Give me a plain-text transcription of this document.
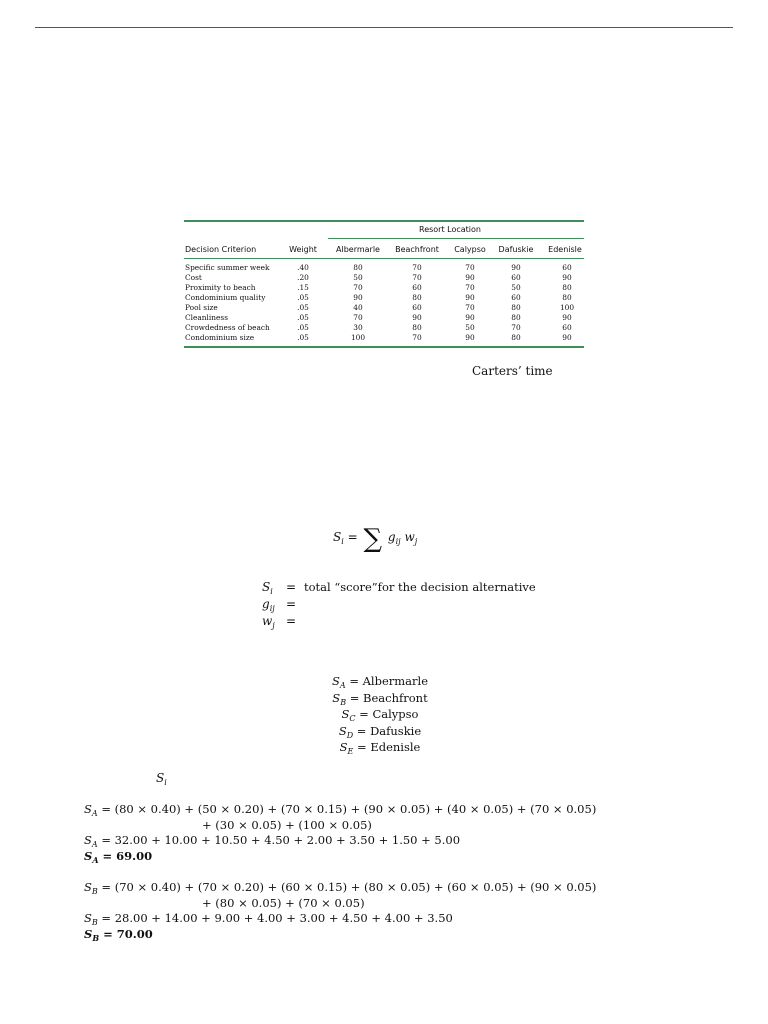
Resort Location
Decision Criterion	Weight Albermarle Beachfront Calypso Dafuskie Edenisle
Specific summer week	.40	80	70	70	90	60
Cost	.20	50	70	90	60	90
Proximity to beach	.15	70	60	70	50	80
Condominium quality	.05	90	80	90	60	80
Pool size	.05	40	60	70	80	100
Cleanliness	.05	70	90	90	80	90
Crowdedness of beach	.05	30	80	50	70	60
Condominium size	.05	100	70	90	80	90
Carters’ time
$S_i$ = ∑ $g_{ij}$ $w_j$
$S_i$ = total “score”for the decision alternative
$g_{ij}$ =
$w_j$ =
$S_A$ = Albermarle
$S_B$ = Beachfront
$S_C$ = Calypso
$S_D$ = Dafuskie
$S_E$ = Edenisle
$S_i$
$S_A = (80 \times 0.40) + (50 \times 0.20) + (70 \times 0.15) + (90 \times 0.05) + (40 \times 0.05) + (70 \times 0.05)$
+ (30 × 0.05) + (100 × 0.05)
$S_A = 32.00 + 10.00 + 10.50 + 4.50 + 2.00 + 3.50 + 1.50 + 5.00$
$S_A = 69.00$
$S_B = (70 \times 0.40) + (70 \times 0.20) + (60 \times 0.15) + (80 \times 0.05) + (60 \times 0.05) + (90 \times 0.05)$
+ (80 × 0.05) + (70 × 0.05)
$S_B = 28.00 + 14.00 + 9.00 + 4.00 + 3.00 + 4.50 + 4.00 + 3.50$
$S_B = 70.00$
